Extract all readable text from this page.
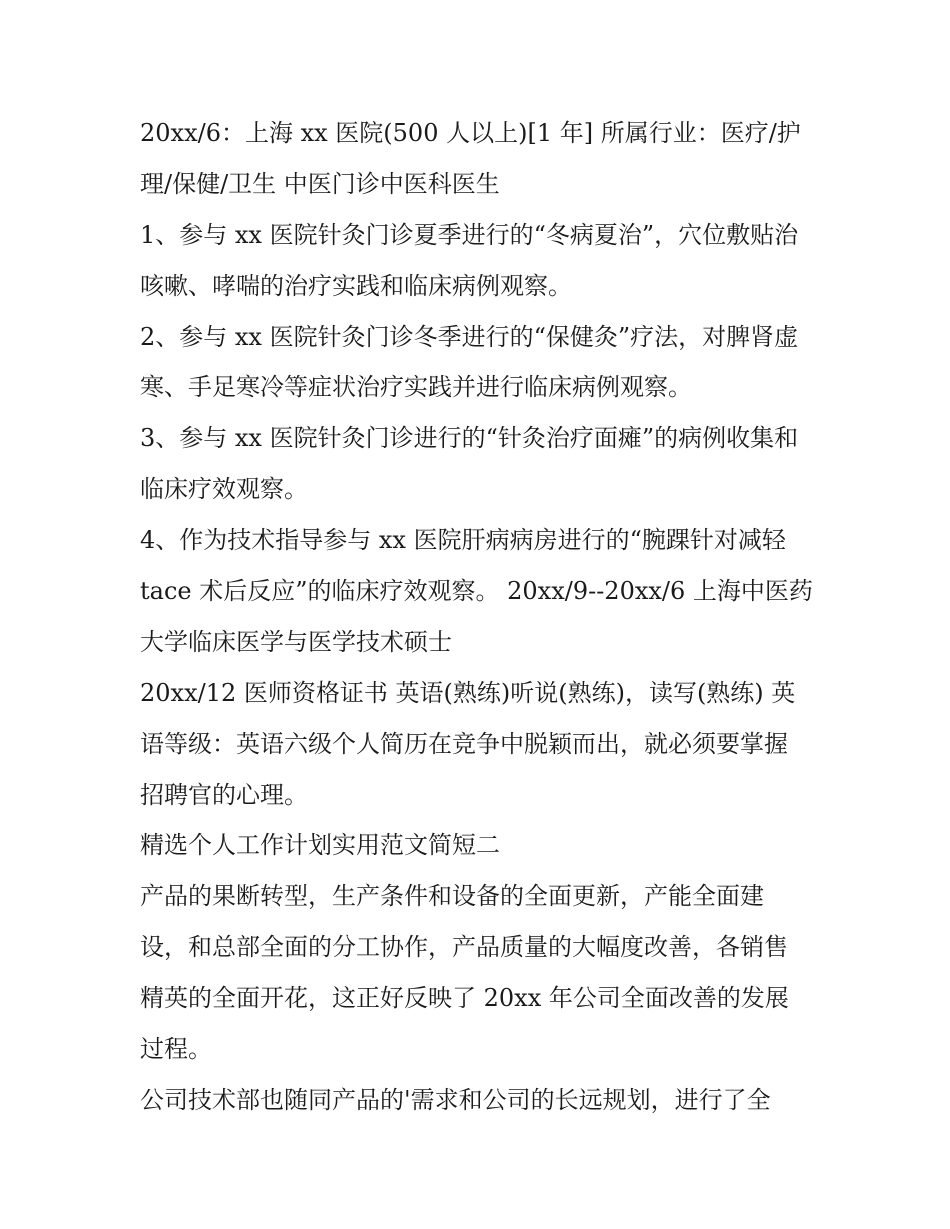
20xx/6：上海 xx 医院(500 人以上)[1 年] 所属行业：医疗/护
理/保健/卫生 中医门诊中医科医生
1、参与 xx 医院针灸门诊夏季进行的“冬病夏治”，穴位敷贴治
咳嗽、哮喘的治疗实践和临床病例观察。
2、参与 xx 医院针灸门诊冬季进行的“保健灸”疗法，对脾肾虚
寒、手足寒冷等症状治疗实践并进行临床病例观察。
3、参与 xx 医院针灸门诊进行的“针灸治疗面瘫”的病例收集和
临床疗效观察。
4、作为技术指导参与 xx 医院肝病病房进行的“腕踝针对减轻
tace 术后反应”的临床疗效观察。 20xx/9--20xx/6 上海中医药
大学临床医学与医学技术硕士
20xx/12 医师资格证书 英语(熟练)听说(熟练)，读写(熟练) 英
语等级：英语六级个人简历在竞争中脱颖而出，就必须要掌握
招聘官的心理。
精选个人工作计划实用范文简短二
产品的果断转型，生产条件和设备的全面更新，产能全面建
设，和总部全面的分工协作，产品质量的大幅度改善，各销售
精英的全面开花，这正好反映了 20xx 年公司全面改善的发展
过程。
公司技术部也随同产品的'需求和公司的长远规划，进行了全
